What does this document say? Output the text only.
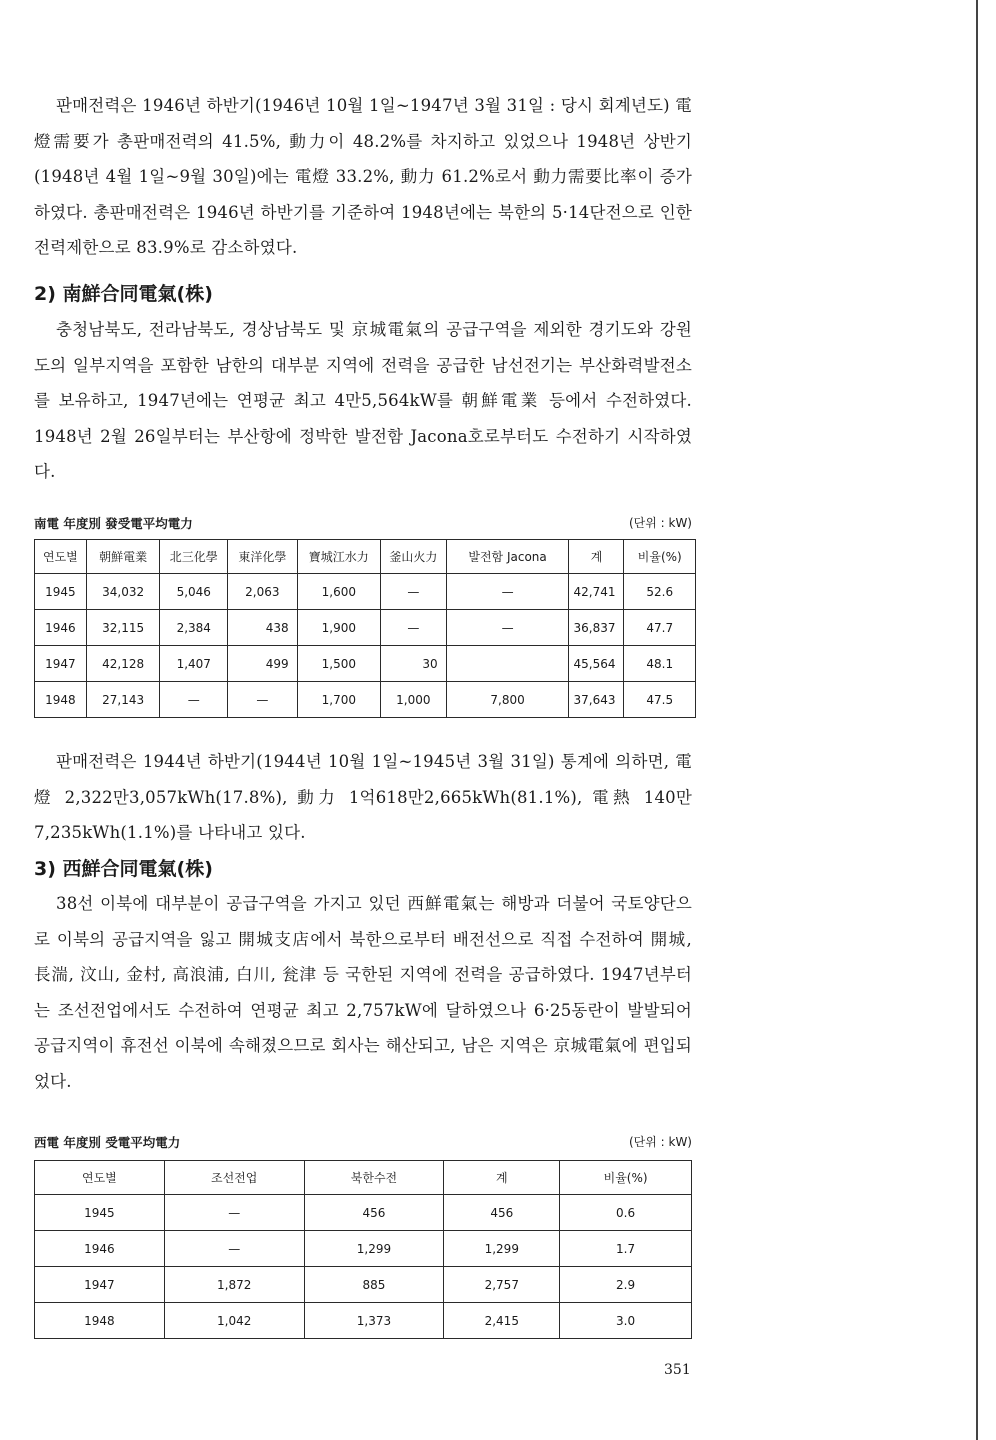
판매전력은 1946년 하반기(1946년 10월 1일~1947년 3월 31일 : 당시 회계년도) 電燈需要가 총판매전력의 41.5%, 動力이 48.2%를 차지하고 있었으나 1948년 상반기(1948년 4월 1일~9월 30일)에는 電燈 33.2%, 動力 61.2%로서 動力需要比率이 증가하였다. 총판매전력은 1946년 하반기를 기준하여 1948년에는 북한의 5·14단전으로 인한 전력제한으로 83.9%로 감소하였다.

2) 南鮮合同電氣(株)

충청남북도, 전라남북도, 경상남북도 및 京城電氣의 공급구역을 제외한 경기도와 강원도의 일부지역을 포함한 남한의 대부분 지역에 전력을 공급한 남선전기는 부산화력발전소를 보유하고, 1947년에는 연평균 최고 4만5,564kW를 朝鮮電業 등에서 수전하였다. 1948년 2월 26일부터는 부산항에 정박한 발전함 Jacona호로부터도 수전하기 시작하였다.

南電 年度別 發受電平均電力	(단위 : kW)
연도별	朝鮮電業	北三化學	東洋化學	寶城江水力	釜山火力	발전함 Jacona	계	비율(%)
1945	34,032	5,046	2,063	1,600	—	—	42,741	52.6
1946	32,115	2,384	438	1,900	—	—	36,837	47.7
1947	42,128	1,407	499	1,500	30		45,564	48.1
1948	27,143	—	—	1,700	1,000	7,800	37,643	47.5

판매전력은 1944년 하반기(1944년 10월 1일~1945년 3월 31일) 통계에 의하면, 電燈 2,322만3,057kWh(17.8%), 動力 1억618만2,665kWh(81.1%), 電熱 140만7,235kWh(1.1%)를 나타내고 있다.

3) 西鮮合同電氣(株)

38선 이북에 대부분이 공급구역을 가지고 있던 西鮮電氣는 해방과 더불어 국토양단으로 이북의 공급지역을 잃고 開城支店에서 북한으로부터 배전선으로 직접 수전하여 開城, 長湍, 汶山, 金村, 高浪浦, 白川, 瓮津 등 국한된 지역에 전력을 공급하였다. 1947년부터는 조선전업에서도 수전하여 연평균 최고 2,757kW에 달하였으나 6·25동란이 발발되어 공급지역이 휴전선 이북에 속해졌으므로 회사는 해산되고, 남은 지역은 京城電氣에 편입되었다.

西電 年度別 受電平均電力	(단위 : kW)
연도별	조선전업	북한수전	계	비율(%)
1945	—	456	456	0.6
1946	—	1,299	1,299	1.7
1947	1,872	885	2,757	2.9
1948	1,042	1,373	2,415	3.0
351
